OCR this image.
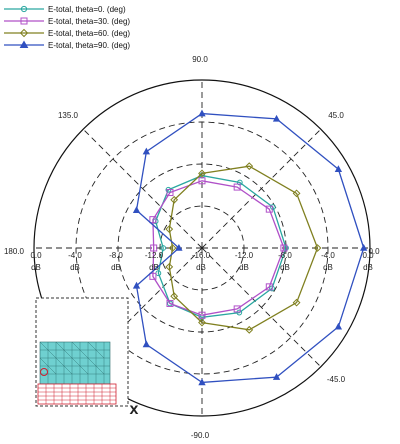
90.0
45.0
0.0
-45.0
-90.0
135.0
180.0 0.0	-4.0	-8.0	-12.0	-16.0	-12.0	-8.0	-4.0	0.0
dB	dB	dB	dB	dB	dB	dB	dB	dB
E-total, theta=0. (deg)
E-total, theta=30. (deg)
E-total, theta=60. (deg)
E-total, theta=90. (deg)
x
